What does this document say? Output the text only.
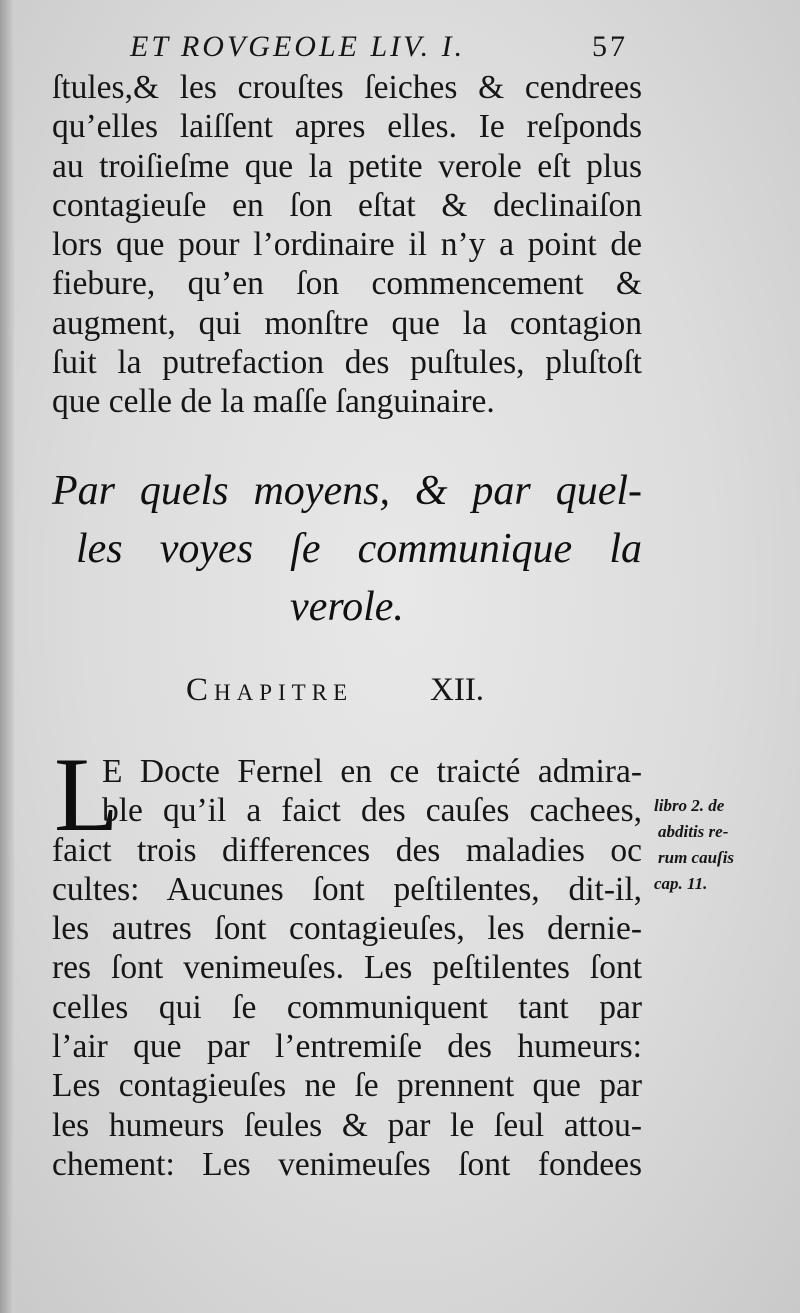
ET ROVGEOLE LIV. I.	57
ſtules,& les crouſtes ſeiches & cendrees
qu’elles laiſſent apres elles. Ie reſponds
au troiſieſme que la petite verole eſt plus
contagieuſe en ſon eſtat & declinaiſon
lors que pour l’ordinaire il n’y a point de
fiebure, qu’en ſon commencement &
augment, qui monſtre que la contagion
ſuit la putrefaction des puſtules, pluſtoſt
que celle de la maſſe ſanguinaire.
Par quels moyens, & par quel-
les voyes ſe communique la
verole.
Chapitre XII.
L
E Docte Fernel en ce traicté admira-
ble qu’il a faict des cauſes cachees,
faict trois differences des maladies oc
cultes: Aucunes ſont peſtilentes, dit-il,
les autres ſont contagieuſes, les dernie-
res ſont venimeuſes. Les peſtilentes ſont
celles qui ſe communiquent tant par
l’air que par l’entremiſe des humeurs:
Les contagieuſes ne ſe prennent que par
les humeurs ſeules & par le ſeul attou-
chement: Les venimeuſes ſont fondees
libro 2. de
abditis re-
rum cauſis
cap. 11.
